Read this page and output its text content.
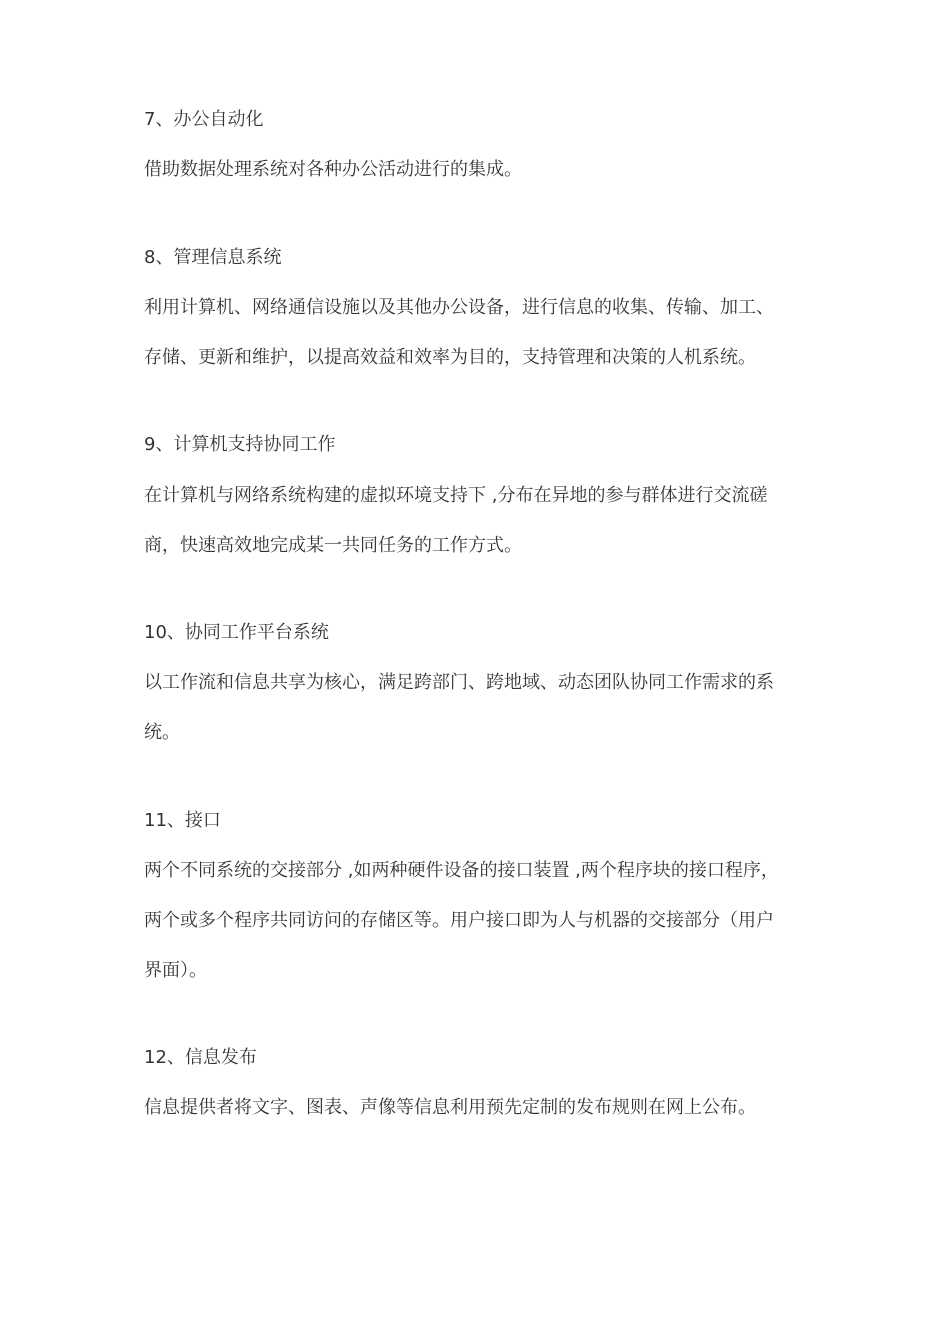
7、办公自动化
借助数据处理系统对各种办公活动进行的集成。
8、管理信息系统
利用计算机、网络通信设施以及其他办公设备，进行信息的收集、传输、加工、
存储、更新和维护，以提高效益和效率为目的，支持管理和决策的人机系统。
9、计算机支持协同工作
在计算机与网络系统构建的虚拟环境支持下 ,分布在异地的参与群体进行交流磋
商，快速高效地完成某一共同任务的工作方式。
10、协同工作平台系统
以工作流和信息共享为核心，满足跨部门、跨地域、动态团队协同工作需求的系
统。
11、接口
两个不同系统的交接部分 ,如两种硬件设备的接口装置 ,两个程序块的接口程序，
两个或多个程序共同访问的存储区等。用户接口即为人与机器的交接部分（用户
界面）。
12、信息发布
信息提供者将文字、图表、声像等信息利用预先定制的发布规则在网上公布。
